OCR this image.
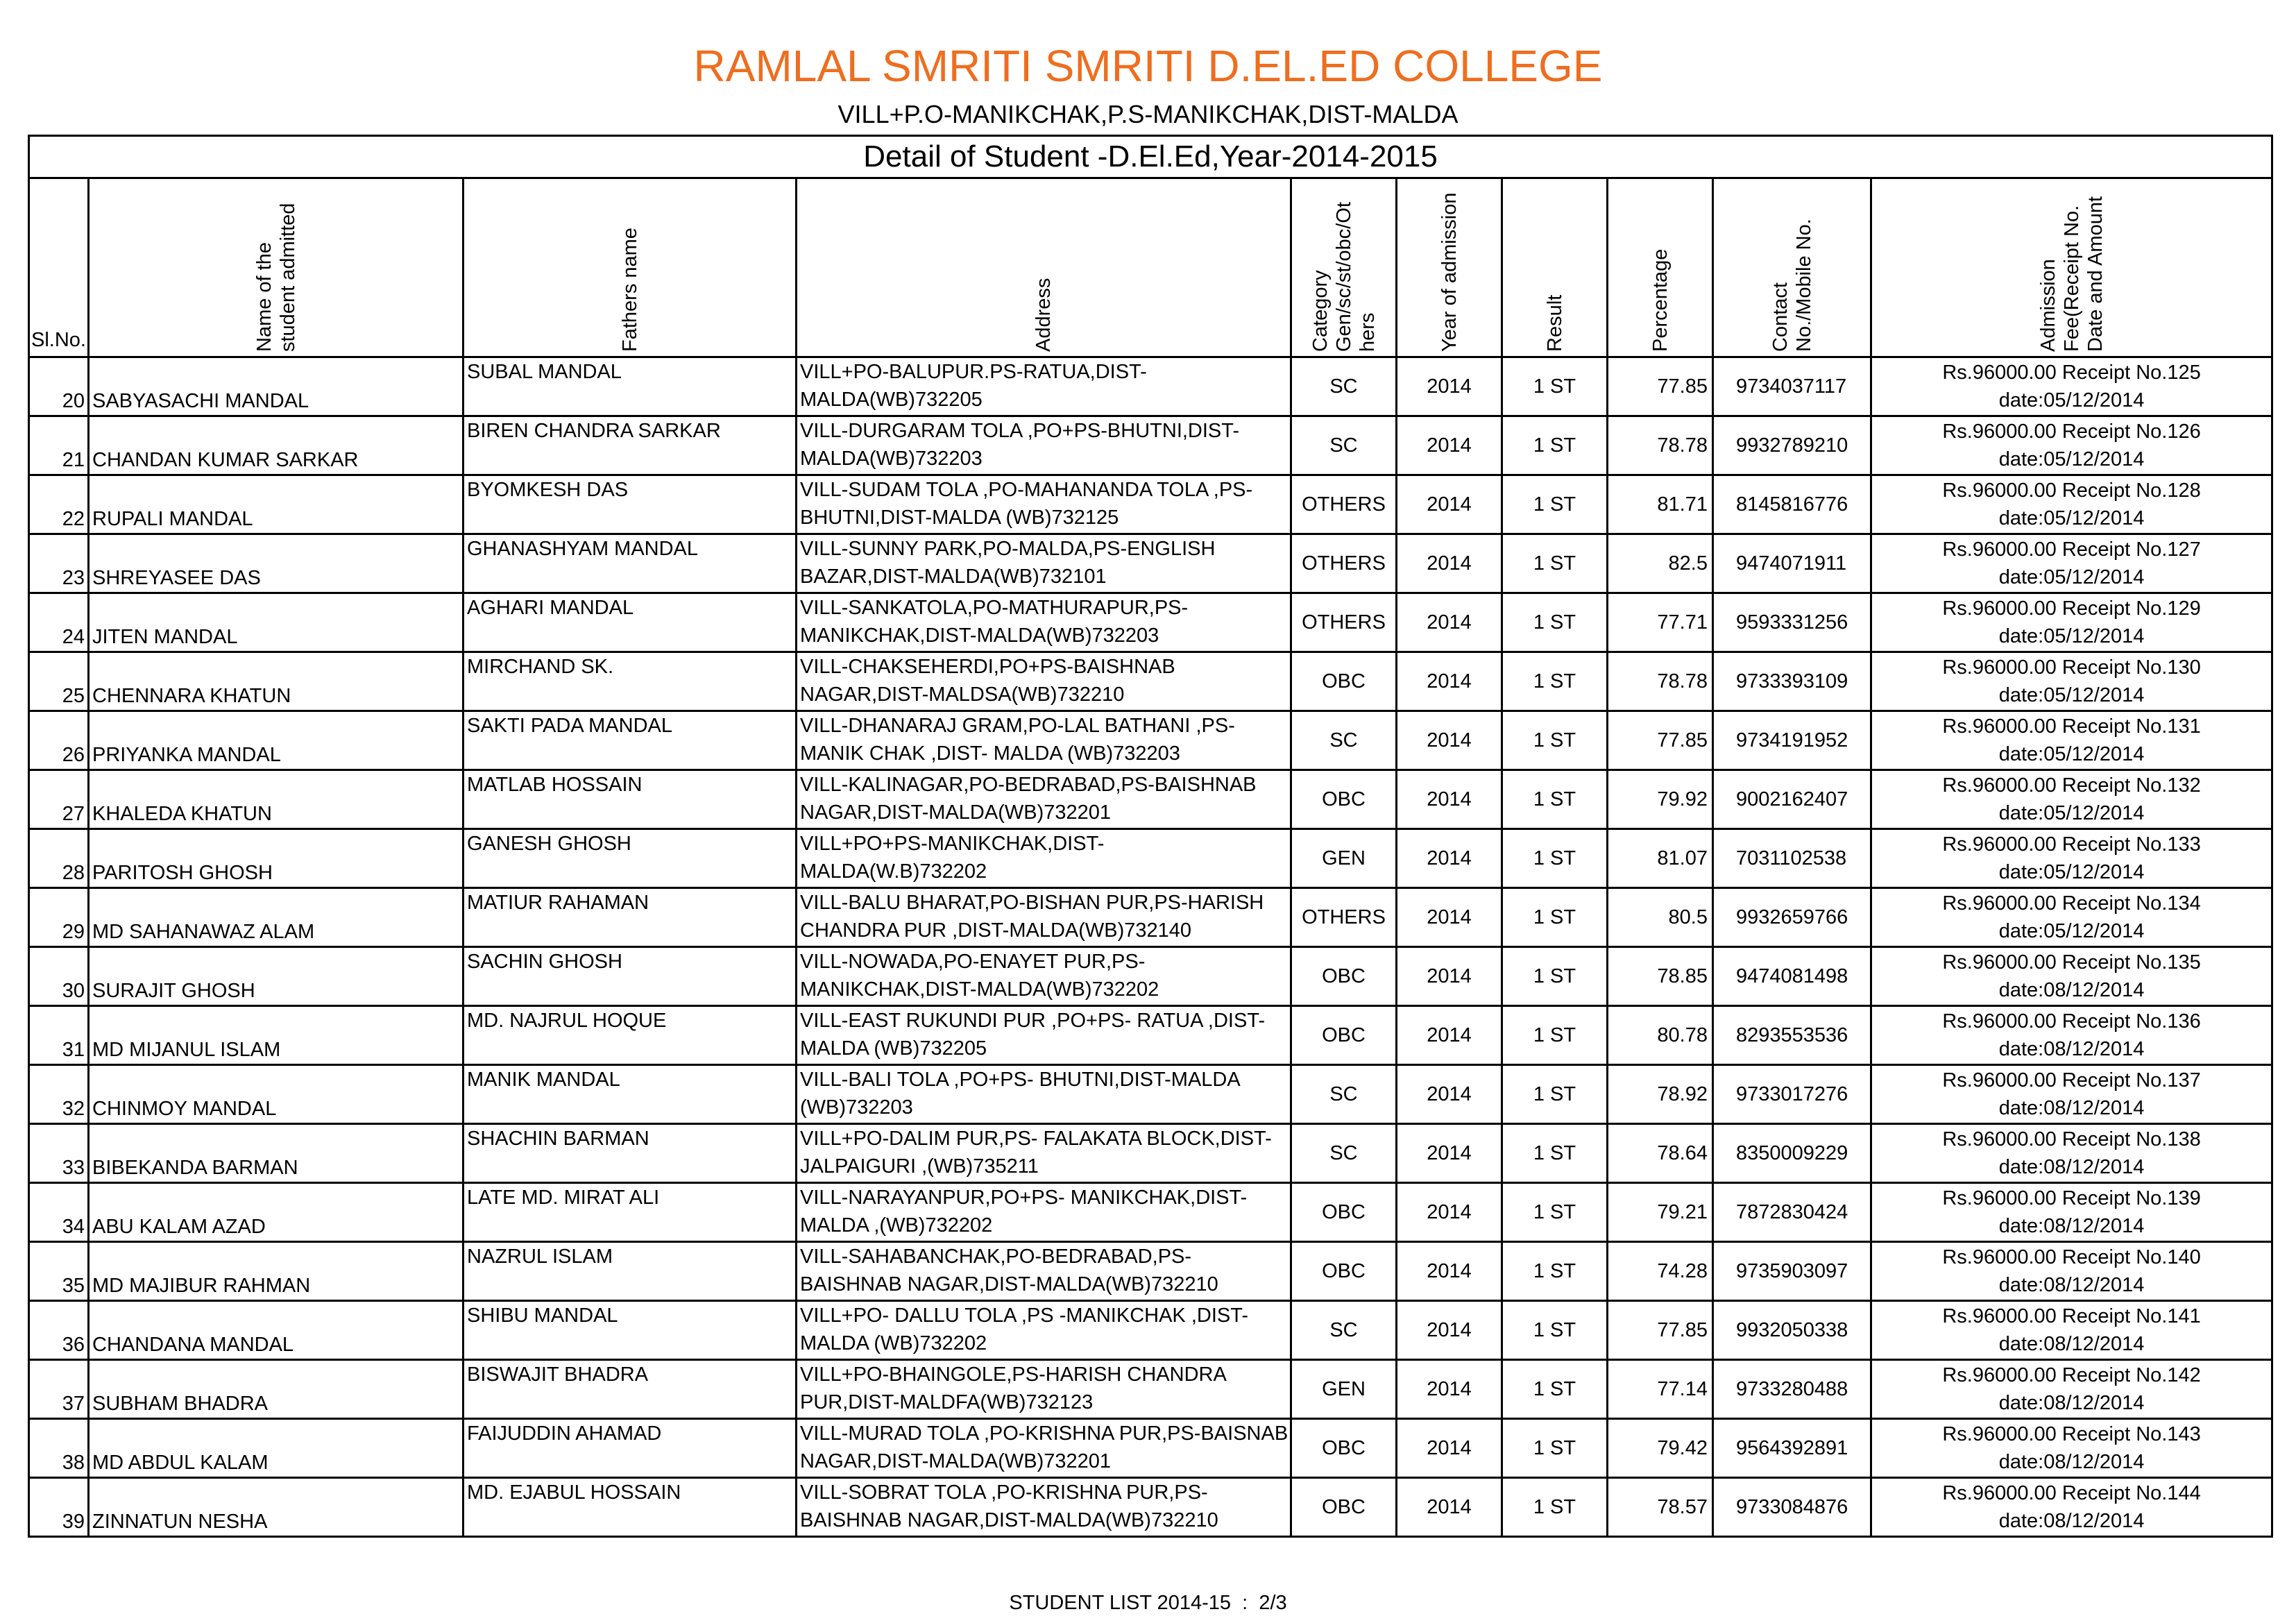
RAMLAL SMRITI SMRITI D.EL.ED COLLEGE
VILL+P.O-MANIKCHAK,P.S-MANIKCHAK,DIST-MALDA
Detail of Student -D.El.Ed,Year-2014-2015									

Sl.No.	Name of the
student admitted	Fathers name	Address	Category
Gen/sc/st/obc/Ot
hers	Year of admission	Result	Percentage	Contact
No./Mobile No.	Admission
Fee(Receipt No.
Date and Amount

20	SABYASACHI MANDAL	SUBAL MANDAL	VILL+PO-BALUPUR.PS-RATUA,DIST-MALDA(WB)732205	SC	2014	1 ST	77.85	9734037117	Rs.96000.00 Receipt No.125
date:05/12/2014

21	CHANDAN KUMAR SARKAR	BIREN CHANDRA SARKAR	VILL-DURGARAM TOLA ,PO+PS-BHUTNI,DIST-MALDA(WB)732203	SC	2014	1 ST	78.78	9932789210	Rs.96000.00 Receipt No.126
date:05/12/2014

22	RUPALI MANDAL	BYOMKESH DAS	VILL-SUDAM TOLA ,PO-MAHANANDA TOLA ,PS-BHUTNI,DIST-MALDA (WB)732125	OTHERS	2014	1 ST	81.71	8145816776	Rs.96000.00 Receipt No.128
date:05/12/2014

23	SHREYASEE DAS	GHANASHYAM MANDAL	VILL-SUNNY PARK,PO-MALDA,PS-ENGLISH BAZAR,DIST-MALDA(WB)732101	OTHERS	2014	1 ST	82.5	9474071911	Rs.96000.00 Receipt No.127
date:05/12/2014

24	JITEN MANDAL	AGHARI MANDAL	VILL-SANKATOLA,PO-MATHURAPUR,PS-MANIKCHAK,DIST-MALDA(WB)732203	OTHERS	2014	1 ST	77.71	9593331256	Rs.96000.00 Receipt No.129
date:05/12/2014

25	CHENNARA KHATUN	MIRCHAND SK.	VILL-CHAKSEHERDI,PO+PS-BAISHNAB NAGAR,DIST-MALDSA(WB)732210	OBC	2014	1 ST	78.78	9733393109	Rs.96000.00 Receipt No.130
date:05/12/2014

26	PRIYANKA MANDAL	SAKTI PADA MANDAL	VILL-DHANARAJ GRAM,PO-LAL BATHANI ,PS-MANIK CHAK ,DIST- MALDA (WB)732203	SC	2014	1 ST	77.85	9734191952	Rs.96000.00 Receipt No.131
date:05/12/2014

27	KHALEDA KHATUN	MATLAB HOSSAIN	VILL-KALINAGAR,PO-BEDRABAD,PS-BAISHNAB NAGAR,DIST-MALDA(WB)732201	OBC	2014	1 ST	79.92	9002162407	Rs.96000.00 Receipt No.132
date:05/12/2014

28	PARITOSH GHOSH	GANESH GHOSH	VILL+PO+PS-MANIKCHAK,DIST-MALDA(W.B)732202	GEN	2014	1 ST	81.07	7031102538	Rs.96000.00 Receipt No.133
date:05/12/2014

29	MD SAHANAWAZ ALAM	MATIUR RAHAMAN	VILL-BALU BHARAT,PO-BISHAN PUR,PS-HARISH CHANDRA PUR ,DIST-MALDA(WB)732140	OTHERS	2014	1 ST	80.5	9932659766	Rs.96000.00 Receipt No.134
date:05/12/2014

30	SURAJIT GHOSH	SACHIN GHOSH	VILL-NOWADA,PO-ENAYET PUR,PS-MANIKCHAK,DIST-MALDA(WB)732202	OBC	2014	1 ST	78.85	9474081498	Rs.96000.00 Receipt No.135
date:08/12/2014

31	MD MIJANUL ISLAM	MD. NAJRUL HOQUE	VILL-EAST RUKUNDI PUR ,PO+PS- RATUA ,DIST-MALDA (WB)732205	OBC	2014	1 ST	80.78	8293553536	Rs.96000.00 Receipt No.136
date:08/12/2014

32	CHINMOY MANDAL	MANIK MANDAL	VILL-BALI TOLA ,PO+PS- BHUTNI,DIST-MALDA (WB)732203	SC	2014	1 ST	78.92	9733017276	Rs.96000.00 Receipt No.137
date:08/12/2014

33	BIBEKANDA BARMAN	SHACHIN BARMAN	VILL+PO-DALIM PUR,PS- FALAKATA BLOCK,DIST-JALPAIGURI ,(WB)735211	SC	2014	1 ST	78.64	8350009229	Rs.96000.00 Receipt No.138
date:08/12/2014

34	ABU KALAM AZAD	LATE MD. MIRAT ALI	VILL-NARAYANPUR,PO+PS- MANIKCHAK,DIST-MALDA ,(WB)732202	OBC	2014	1 ST	79.21	7872830424	Rs.96000.00 Receipt No.139
date:08/12/2014

35	MD MAJIBUR RAHMAN	NAZRUL ISLAM	VILL-SAHABANCHAK,PO-BEDRABAD,PS- BAISHNAB NAGAR,DIST-MALDA(WB)732210	OBC	2014	1 ST	74.28	9735903097	Rs.96000.00 Receipt No.140
date:08/12/2014

36	CHANDANA MANDAL	SHIBU MANDAL	VILL+PO- DALLU TOLA ,PS -MANIKCHAK ,DIST-MALDA (WB)732202	SC	2014	1 ST	77.85	9932050338	Rs.96000.00 Receipt No.141
date:08/12/2014

37	SUBHAM BHADRA	BISWAJIT BHADRA	VILL+PO-BHAINGOLE,PS-HARISH CHANDRA PUR,DIST-MALDFA(WB)732123	GEN	2014	1 ST	77.14	9733280488	Rs.96000.00 Receipt No.142
date:08/12/2014

38	MD ABDUL KALAM	FAIJUDDIN AHAMAD	VILL-MURAD TOLA ,PO-KRISHNA PUR,PS-BAISNAB NAGAR,DIST-MALDA(WB)732201	OBC	2014	1 ST	79.42	9564392891	Rs.96000.00 Receipt No.143
date:08/12/2014

39	ZINNATUN NESHA	MD. EJABUL HOSSAIN	VILL-SOBRAT TOLA ,PO-KRISHNA PUR,PS-BAISHNAB NAGAR,DIST-MALDA(WB)732210	OBC	2014	1 ST	78.57	9733084876	Rs.96000.00 Receipt No.144
date:08/12/2014
STUDENT LIST 2014-15  :  2/3
